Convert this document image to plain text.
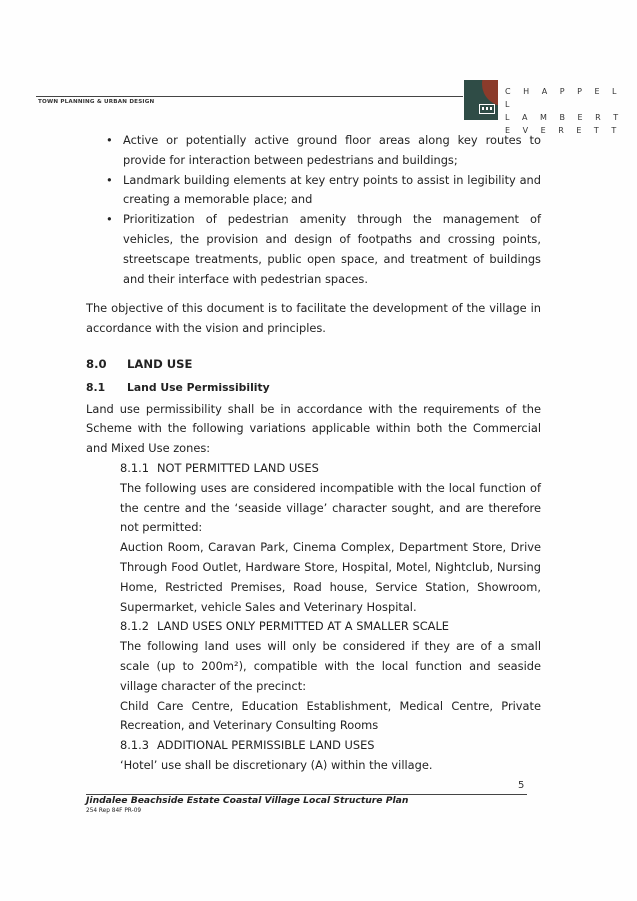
TOWN PLANNING & URBAN DESIGN
C H A P P E L L
L A M B E R T
E V E R E T T
• Active or potentially active ground floor areas along key routes to provide for interaction between pedestrians and buildings;
• Landmark building elements at key entry points to assist in legibility and creating a memorable place; and
• Prioritization of pedestrian amenity through the management of vehicles, the provision and design of footpaths and crossing points, streetscape treatments, public open space, and treatment of buildings and their interface with pedestrian spaces.

The objective of this document is to facilitate the development of the village in accordance with the vision and principles.

8.0 LAND USE
8.1 Land Use Permissibility

Land use permissibility shall be in accordance with the requirements of the Scheme with the following variations applicable within both the Commercial and Mixed Use zones:

8.1.1 NOT PERMITTED LAND USES

The following uses are considered incompatible with the local function of the centre and the ‘seaside village’ character sought, and are therefore not permitted:

Auction Room, Caravan Park, Cinema Complex, Department Store, Drive Through Food Outlet, Hardware Store, Hospital, Motel, Nightclub, Nursing Home, Restricted Premises, Road house, Service Station, Showroom, Supermarket, vehicle Sales and Veterinary Hospital.

8.1.2 LAND USES ONLY PERMITTED AT A SMALLER SCALE

The following land uses will only be considered if they are of a small scale (up to 200m²), compatible with the local function and seaside village character of the precinct:

Child Care Centre, Education Establishment, Medical Centre, Private Recreation, and Veterinary Consulting Rooms

8.1.3 ADDITIONAL PERMISSIBLE LAND USES

‘Hotel’ use shall be discretionary (A) within the village.

5
Jindalee Beachside Estate Coastal Village Local Structure Plan
254 Rep 84F PR-09
